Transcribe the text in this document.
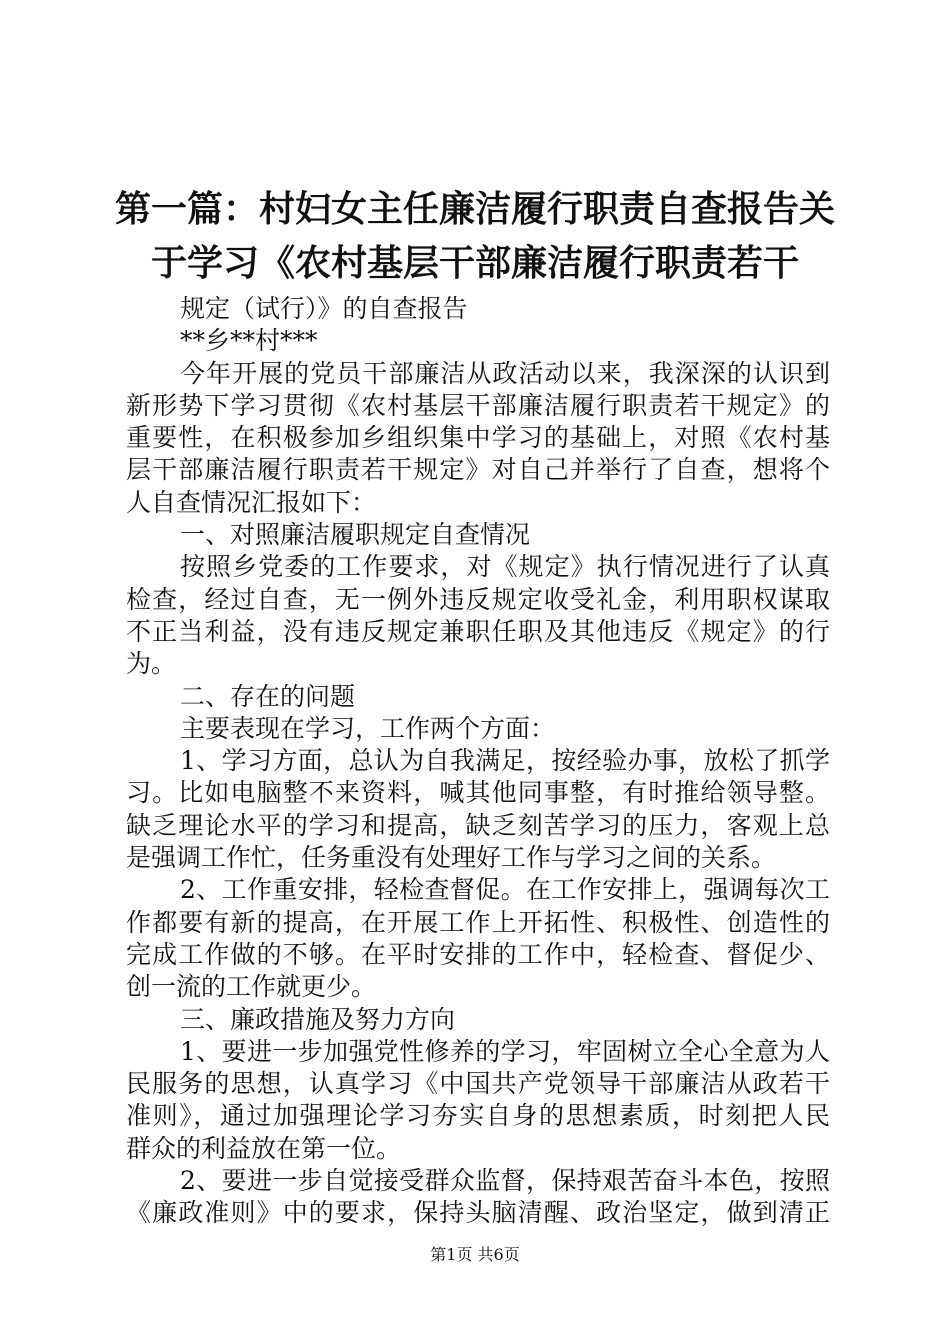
第一篇：村妇女主任廉洁履行职责自查报告关
于学习《农村基层干部廉洁履行职责若干
规定（试行）》的自查报告
**乡**村***
今年开展的党员干部廉洁从政活动以来，我深深的认识到
新形势下学习贯彻《农村基层干部廉洁履行职责若干规定》的
重要性，在积极参加乡组织集中学习的基础上，对照《农村基
层干部廉洁履行职责若干规定》对自己并举行了自查，想将个
人自查情况汇报如下：
一、对照廉洁履职规定自查情况
按照乡党委的工作要求，对《规定》执行情况进行了认真
检查，经过自查，无一例外违反规定收受礼金，利用职权谋取
不正当利益，没有违反规定兼职任职及其他违反《规定》的行
为。
二、存在的问题
主要表现在学习，工作两个方面：
1、学习方面，总认为自我满足，按经验办事，放松了抓学
习。比如电脑整不来资料，喊其他同事整，有时推给领导整。
缺乏理论水平的学习和提高，缺乏刻苦学习的压力，客观上总
是强调工作忙，任务重没有处理好工作与学习之间的关系。
2、工作重安排，轻检查督促。在工作安排上，强调每次工
作都要有新的提高，在开展工作上开拓性、积极性、创造性的
完成工作做的不够。在平时安排的工作中，轻检查、督促少、
创一流的工作就更少。
三、廉政措施及努力方向
1、要进一步加强党性修养的学习，牢固树立全心全意为人
民服务的思想，认真学习《中国共产党领导干部廉洁从政若干
准则》，通过加强理论学习夯实自身的思想素质，时刻把人民
群众的利益放在第一位。
2、要进一步自觉接受群众监督，保持艰苦奋斗本色，按照
《廉政准则》中的要求，保持头脑清醒、政治坚定，做到清正
第1页 共6页
